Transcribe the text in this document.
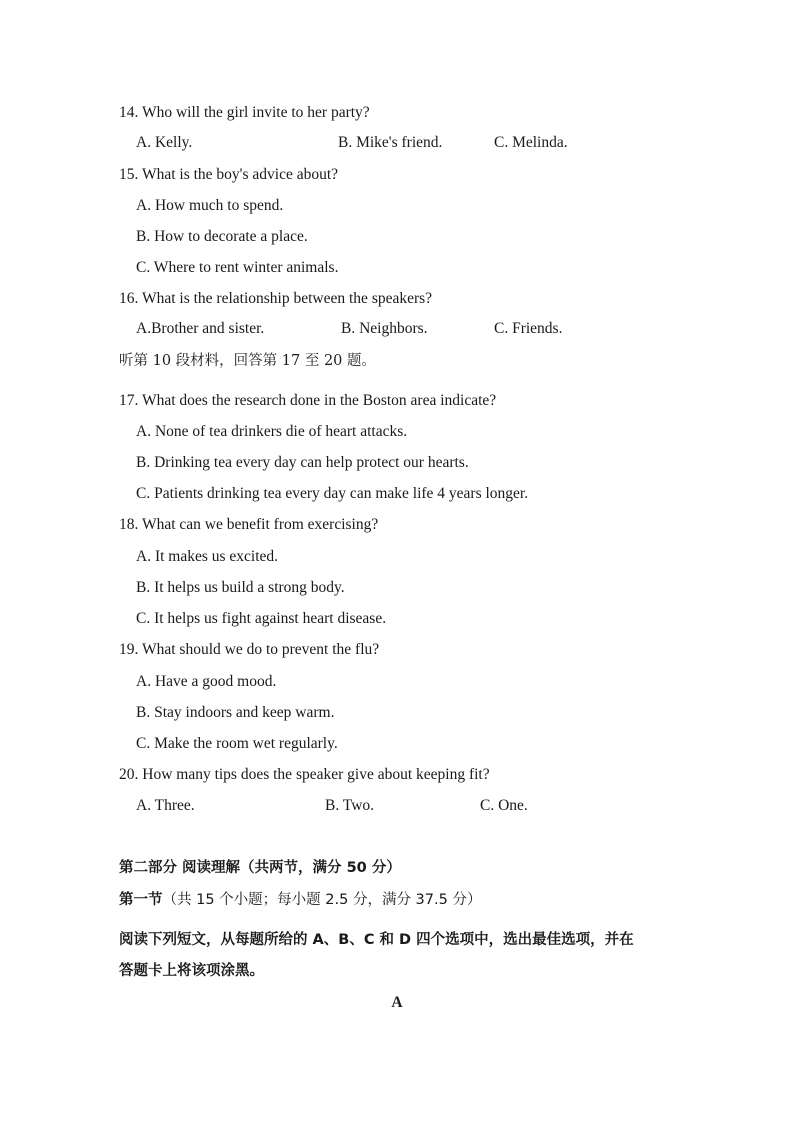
14. Who will the girl invite to her party?
A. Kelly.	B. Mike's friend.	C. Melinda.
15. What is the boy's advice about?
A. How much to spend.
B. How to decorate a place.
C. Where to rent winter animals.
16. What is the relationship between the speakers?
A.Brother and sister.	B. Neighbors.	C. Friends.
听第 10 段材料，回答第 17 至 20 题。
17. What does the research done in the Boston area indicate?
A. None of tea drinkers die of heart attacks.
B. Drinking tea every day can help protect our hearts.
C. Patients drinking tea every day can make life 4 years longer.
18. What can we benefit from exercising?
A. It makes us excited.
B. It helps us build a strong body.
C. It helps us fight against heart disease.
19. What should we do to prevent the flu?
A. Have a good mood.
B. Stay indoors and keep warm.
C. Make the room wet regularly.
20. How many tips does the speaker give about keeping fit?
A. Three.	B. Two.	C. One.
第二部分 阅读理解（共两节，满分 50 分）
第一节（共 15 个小题；每小题 2.5 分，满分 37.5 分）
阅读下列短文，从每题所给的 A、B、C 和 D 四个选项中，选出最佳选项，并在
答题卡上将该项涂黑。
A
